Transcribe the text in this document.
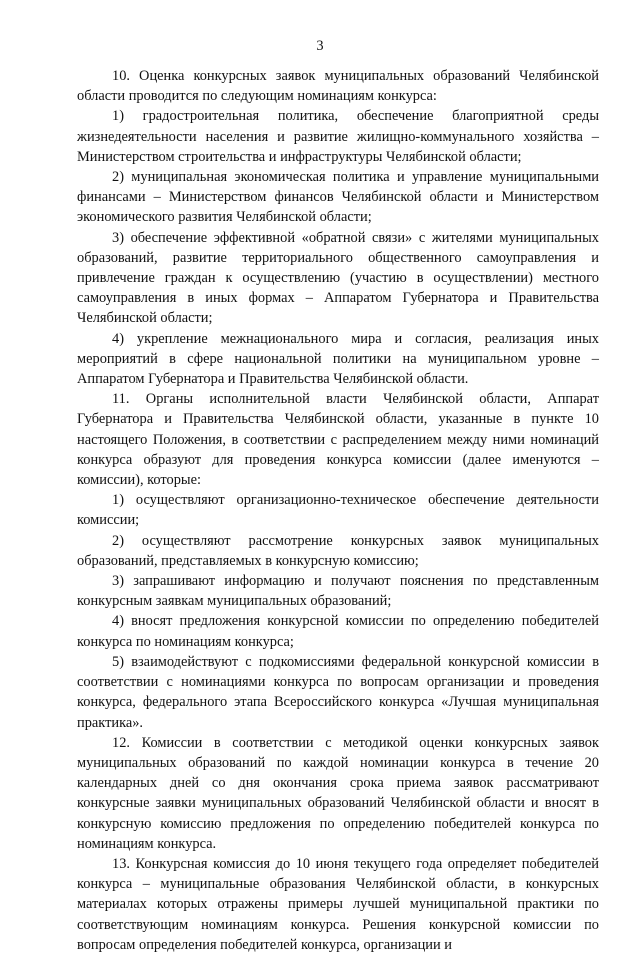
3

10. Оценка конкурсных заявок муниципальных образований Челябинской области проводится по следующим номинациям конкурса:

1) градостроительная политика, обеспечение благоприятной среды жизнедеятельности населения и развитие жилищно-коммунального хозяйства – Министерством строительства и инфраструктуры Челябинской области;

2) муниципальная экономическая политика и управление муниципальными финансами – Министерством финансов Челябинской области и Министерством экономического развития Челябинской области;

3) обеспечение эффективной «обратной связи» с жителями муниципальных образований, развитие территориального общественного самоуправления и привлечение граждан к осуществлению (участию в осуществлении) местного самоуправления в иных формах – Аппаратом Губернатора и Правительства Челябинской области;

4) укрепление межнационального мира и согласия, реализация иных мероприятий в сфере национальной политики на муниципальном уровне – Аппаратом Губернатора и Правительства Челябинской области.

11. Органы исполнительной власти Челябинской области, Аппарат Губернатора и Правительства Челябинской области, указанные в пункте 10 настоящего Положения, в соответствии с распределением между ними номинаций конкурса образуют для проведения конкурса комиссии (далее именуются – комиссии), которые:

1) осуществляют организационно-техническое обеспечение деятельности комиссии;

2) осуществляют рассмотрение конкурсных заявок муниципальных образований, представляемых в конкурсную комиссию;

3) запрашивают информацию и получают пояснения по представленным конкурсным заявкам муниципальных образований;

4) вносят предложения конкурсной комиссии по определению победителей конкурса по номинациям конкурса;

5) взаимодействуют с подкомиссиями федеральной конкурсной комиссии в соответствии с номинациями конкурса по вопросам организации и проведения конкурса, федерального этапа Всероссийского конкурса «Лучшая муниципальная практика».

12. Комиссии в соответствии с методикой оценки конкурсных заявок муниципальных образований по каждой номинации конкурса в течение 20 календарных дней со дня окончания срока приема заявок рассматривают конкурсные заявки муниципальных образований Челябинской области и вносят в конкурсную комиссию предложения по определению победителей конкурса по номинациям конкурса.

13. Конкурсная комиссия до 10 июня текущего года определяет победителей конкурса – муниципальные образования Челябинской области, в конкурсных материалах которых отражены примеры лучшей муниципальной практики по соответствующим номинациям конкурса. Решения конкурсной комиссии по вопросам определения победителей конкурса, организации и
